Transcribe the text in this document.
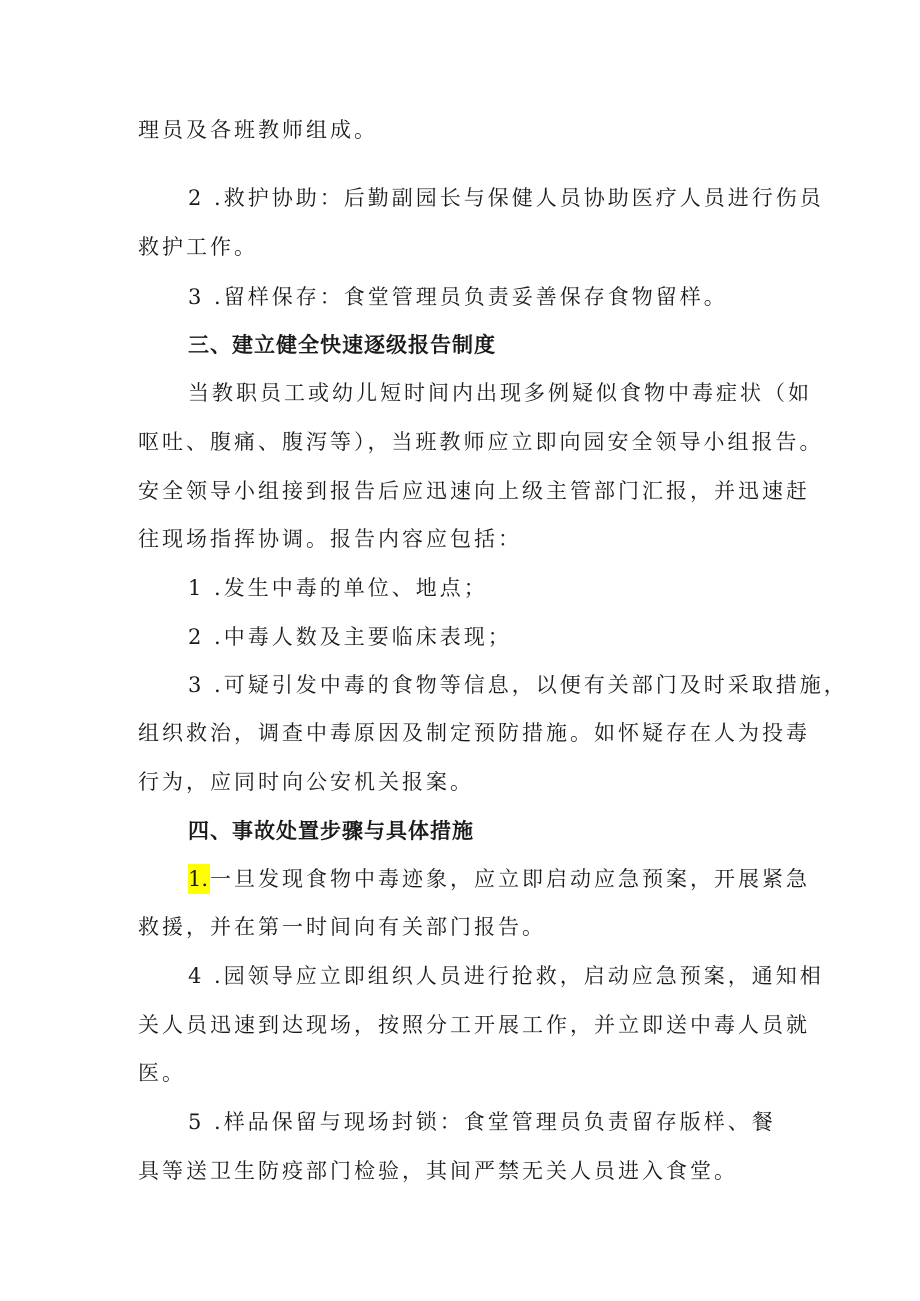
理员及各班教师组成。
2 .救护协助：后勤副园长与保健人员协助医疗人员进行伤员
救护工作。
3 .留样保存：食堂管理员负责妥善保存食物留样。
三、建立健全快速逐级报告制度
当教职员工或幼儿短时间内出现多例疑似食物中毒症状（如
呕吐、腹痛、腹泻等），当班教师应立即向园安全领导小组报告。
安全领导小组接到报告后应迅速向上级主管部门汇报，并迅速赶
往现场指挥协调。报告内容应包括：
1 .发生中毒的单位、地点；
2 .中毒人数及主要临床表现；
3 .可疑引发中毒的食物等信息，以便有关部门及时采取措施，
组织救治，调查中毒原因及制定预防措施。如怀疑存在人为投毒
行为，应同时向公安机关报案。
四、事故处置步骤与具体措施
1.一旦发现食物中毒迹象，应立即启动应急预案，开展紧急
救援，并在第一时间向有关部门报告。
4 .园领导应立即组织人员进行抢救，启动应急预案，通知相
关人员迅速到达现场，按照分工开展工作，并立即送中毒人员就
医。
5 .样品保留与现场封锁：食堂管理员负责留存版样、餐
具等送卫生防疫部门检验，其间严禁无关人员进入食堂。
